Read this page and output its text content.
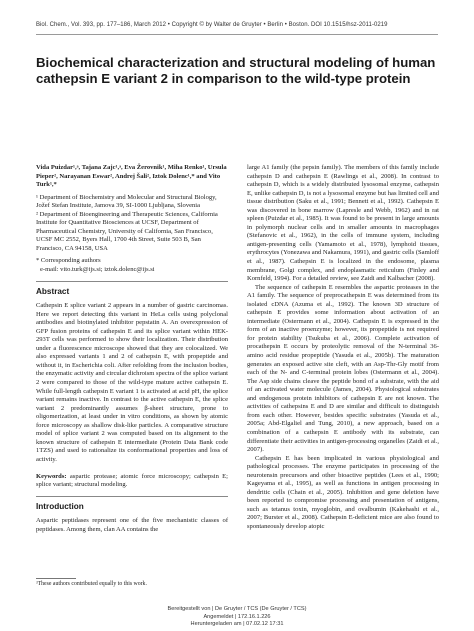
Biol. Chem., Vol. 393, pp. 177–186, March 2012 • Copyright © by Walter de Gruyter • Berlin • Boston. DOI 10.1515/hsz-2011-0219
Biochemical characterization and structural modeling of human cathepsin E variant 2 in comparison to the wild-type protein

Vida Puizdar¹,ᵃ, Tajana Zajc¹,ᵃ, Eva Žerovnik¹, Miha Renko¹, Ursula Pieper², Narayanan Eswar², Andrej Šali², Iztok Dolenc¹,* and Vito Turk¹,*

¹ Department of Biochemistry and Molecular and Structural Biology, Jožef Stefan Institute, Jamova 39, SI-1000 Ljubljana, Slovenia

² Department of Bioengineering and Therapeutic Sciences, California Institute for Quantitative Biosciences at UCSF, Department of Pharmaceutical Chemistry, University of California, San Francisco, UCSF MC 2552, Byers Hall, 1700 4th Street, Suite 503 B, San Francisco, CA 94158, USA

* Corresponding authors

e-mail: vito.turk@ijs.si; iztok.dolenc@ijs.si

Abstract

Cathepsin E splice variant 2 appears in a number of gastric carcinomas. Here we report detecting this variant in HeLa cells using polyclonal antibodies and biotinylated inhibitor pepstatin A. An overexpression of GFP fusion proteins of cathepsin E and its splice variant within HEK-293T cells was performed to show their localization. Their distribution under a fluorescence microscope showed that they are colocalized. We also expressed variants 1 and 2 of cathepsin E, with propeptide and without it, in Escherichia coli. After refolding from the inclusion bodies, the enzymatic activity and circular dichroism spectra of the splice variant 2 were compared to those of the wild-type mature active cathepsin E. While full-length cathepsin E variant 1 is activated at acid pH, the splice variant remains inactive. In contrast to the active cathepsin E, the splice variant 2 predominantly assumes β-sheet structure, prone to oligomerization, at least under in vitro conditions, as shown by atomic force microscopy as shallow disk-like particles. A comparative structure model of splice variant 2 was computed based on its alignment to the known structure of cathepsin E intermediate (Protein Data Bank code 1TZS) and used to rationalize its conformational properties and loss of activity.

Keywords: aspartic protease; atomic force microscopy; cathepsin E; splice variant; structural modeling.

Introduction

Aspartic peptidases represent one of the five mechanistic classes of peptidases. Among them, clan AA contains the

ᵃThese authors contributed equally to this work.

large A1 family (the pepsin family). The members of this family include cathepsin D and cathepsin E (Rawlings et al., 2008). In contrast to cathepsin D, which is a widely distributed lysosomal enzyme, cathepsin E, unlike cathepsin D, is not a lysosomal enzyme but has limited cell and tissue distribution (Saku et al., 1991; Bennett et al., 1992). Cathepsin E was discovered in bone marrow (Lapresle and Webb, 1962) and in rat spleen (Puizdar et al., 1985). It was found to be present in large amounts in polymorph nuclear cells and in smaller amounts in macrophages (Stefanovic et al., 1962), in the cells of immune system, including antigen-presenting cells (Yamamoto et al., 1978), lymphoid tissues, erythrocytes (Yonezawa and Nakamura, 1991), and gastric cells (Samloff et al., 1987). Cathepsin E is localized in the endosome, plasma membrane, Golgi complex, and endoplasmatic reticulum (Finley and Kornfeld, 1994). For a detailed review, see Zaidi and Kalbacher (2008).

The sequence of cathepsin E resembles the aspartic proteases in the A1 family. The sequence of preprocathepsin E was determined from its isolated cDNA (Azuma et al., 1992). The known 3D structure of cathepsin E provides some information about activation of an intermediate (Ostermann et al., 2004). Cathepsin E is expressed in the form of an inactive proenzyme; however, its propeptide is not required for protein stability (Tsukuba et al., 2006). Complete activation of procathepsin E occurs by proteolytic removal of the N-terminal 36-amino acid residue propeptide (Yasuda et al., 2005b). The maturation generates an exposed active site cleft, with an Asp-Thr-Gly motif from each of the N- and C-terminal protein lobes (Ostermann et al., 2004). The Asp side chains cleave the peptide bond of a substrate, with the aid of an activated water molecule (James, 2004). Physiological substrates and endogenous protein inhibitors of cathepsin E are not known. The activities of cathepsins E and D are similar and difficult to distinguish from each other. However, besides specific substrates (Yasuda et al., 2005a; Abd-Elgaliel and Tung, 2010), a new approach, based on a combination of a cathepsin E antibody with its substrate, can differentiate their activities in antigen-processing organelles (Zaidi et al., 2007).

Cathepsin E has been implicated in various physiological and pathological processes. The enzyme participates in processing of the neurotensin precursors and other bioactive peptides (Lees et al., 1990; Kageyama et al., 1995), as well as functions in antigen processing in dendritic cells (Chain et al., 2005). Inhibition and gene deletion have been reported to compromise processing and presentation of antigens, such as tetanus toxin, myoglobin, and ovalbumin (Kakehashi et al., 2007; Burster et al., 2008). Cathepsin E-deficient mice are also found to spontaneously develop atopic

Bereitgestellt von | De Gruyter / TCS (De Gruyter / TCS)
Angemeldet | 172.16.1.226
Heruntergeladen am | 07.02.12 17:31
